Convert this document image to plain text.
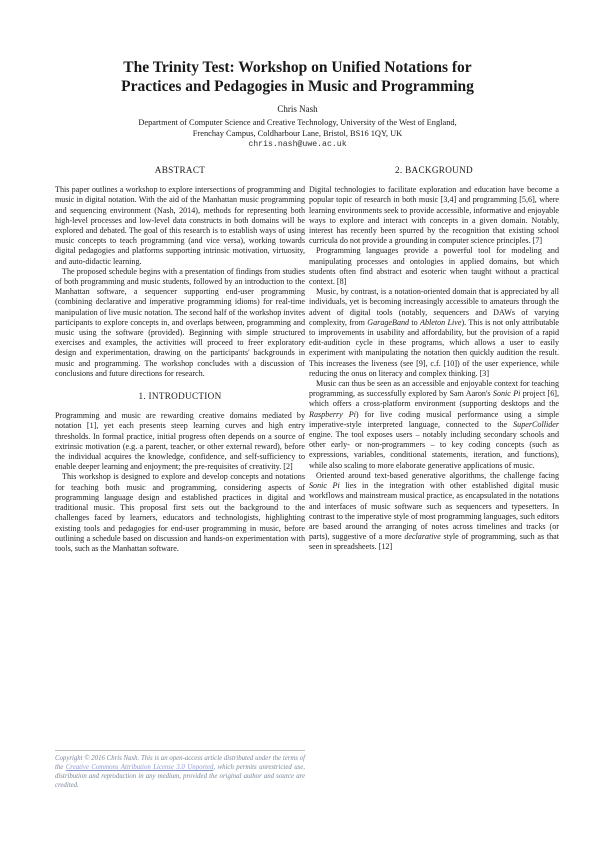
The Trinity Test: Workshop on Unified Notations for
Practices and Pedagogies in Music and Programming
Chris Nash
Department of Computer Science and Creative Technology, University of the West of England,
Frenchay Campus, Coldharbour Lane, Bristol, BS16 1QY, UK
chris.nash@uwe.ac.uk
ABSTRACT

This paper outlines a workshop to explore intersections of programming and music in digital notation. With the aid of the Manhattan music programming and sequencing environment (Nash, 2014), methods for representing both high-level processes and low-level data constructs in both domains will be explored and debated. The goal of this research is to establish ways of using music concepts to teach programming (and vice versa), working towards digital pedagogies and platforms supporting intrinsic motivation, virtuosity, and auto-didactic learning.

The proposed schedule begins with a presentation of findings from studies of both programming and music students, followed by an introduction to the Manhattan software, a sequencer supporting end-user programming (combining declarative and imperative programming idioms) for real-time manipulation of live music notation. The second half of the workshop invites participants to explore concepts in, and overlaps between, programming and music using the software (provided). Beginning with simple structured exercises and examples, the activities will proceed to freer exploratory design and experimentation, drawing on the participants' backgrounds in music and programming. The workshop concludes with a discussion of conclusions and future directions for research.

1. INTRODUCTION

Programming and music are rewarding creative domains mediated by notation [1], yet each presents steep learning curves and high entry thresholds. In formal practice, initial progress often depends on a source of extrinsic motivation (e.g. a parent, teacher, or other external reward), before the individual acquires the knowledge, confidence, and self-sufficiency to enable deeper learning and enjoyment; the pre-requisites of creativity. [2]

This workshop is designed to explore and develop concepts and notations for teaching both music and programming, considering aspects of programming language design and established practices in digital and traditional music. This proposal first sets out the background to the challenges faced by learners, educators and technologists, highlighting existing tools and pedagogies for end-user programming in music, before outlining a schedule based on discussion and hands-on experimentation with tools, such as the Manhattan software.

Copyright © 2016 Chris Nash. This is an open-access article distributed under the terms of the Creative Commons Attribution License 3.0 Unported, which permits unrestricted use, distribution and reproduction in any medium, provided the original author and source are credited.
2. BACKGROUND

Digital technologies to facilitate exploration and education have become a popular topic of research in both music [3,4] and programming [5,6], where learning environments seek to provide accessible, informative and enjoyable ways to explore and interact with concepts in a given domain. Notably, interest has recently been spurred by the recognition that existing school curricula do not provide a grounding in computer science principles. [7]

Programming languages provide a powerful tool for modeling and manipulating processes and ontologies in applied domains, but which students often find abstract and esoteric when taught without a practical context. [8]

Music, by contrast, is a notation-oriented domain that is appreciated by all individuals, yet is becoming increasingly accessible to amateurs through the advent of digital tools (notably, sequencers and DAWs of varying complexity, from GarageBand to Ableton Live). This is not only attributable to improvements in usability and affordability, but the provision of a rapid edit-audition cycle in these programs, which allows a user to easily experiment with manipulating the notation then quickly audition the result. This increases the liveness (see [9], c.f. [10]) of the user experience, while reducing the onus on literacy and complex thinking. [3]

Music can thus be seen as an accessible and enjoyable context for teaching programming, as successfully explored by Sam Aaron's Sonic Pi project [6], which offers a cross-platform environment (supporting desktops and the Raspberry Pi) for live coding musical performance using a simple imperative-style interpreted language, connected to the SuperCollider engine. The tool exposes users – notably including secondary schools and other early- or non-programmers – to key coding concepts (such as expressions, variables, conditional statements, iteration, and functions), while also scaling to more elaborate generative applications of music.

Oriented around text-based generative algorithms, the challenge facing Sonic Pi lies in the integration with other established digital music workflows and mainstream musical practice, as encapsulated in the notations and interfaces of music software such as sequencers and typesetters. In contrast to the imperative style of most programming languages, such editors are based around the arranging of notes across timelines and tracks (or parts), suggestive of a more declarative style of programming, such as that seen in spreadsheets. [12]
